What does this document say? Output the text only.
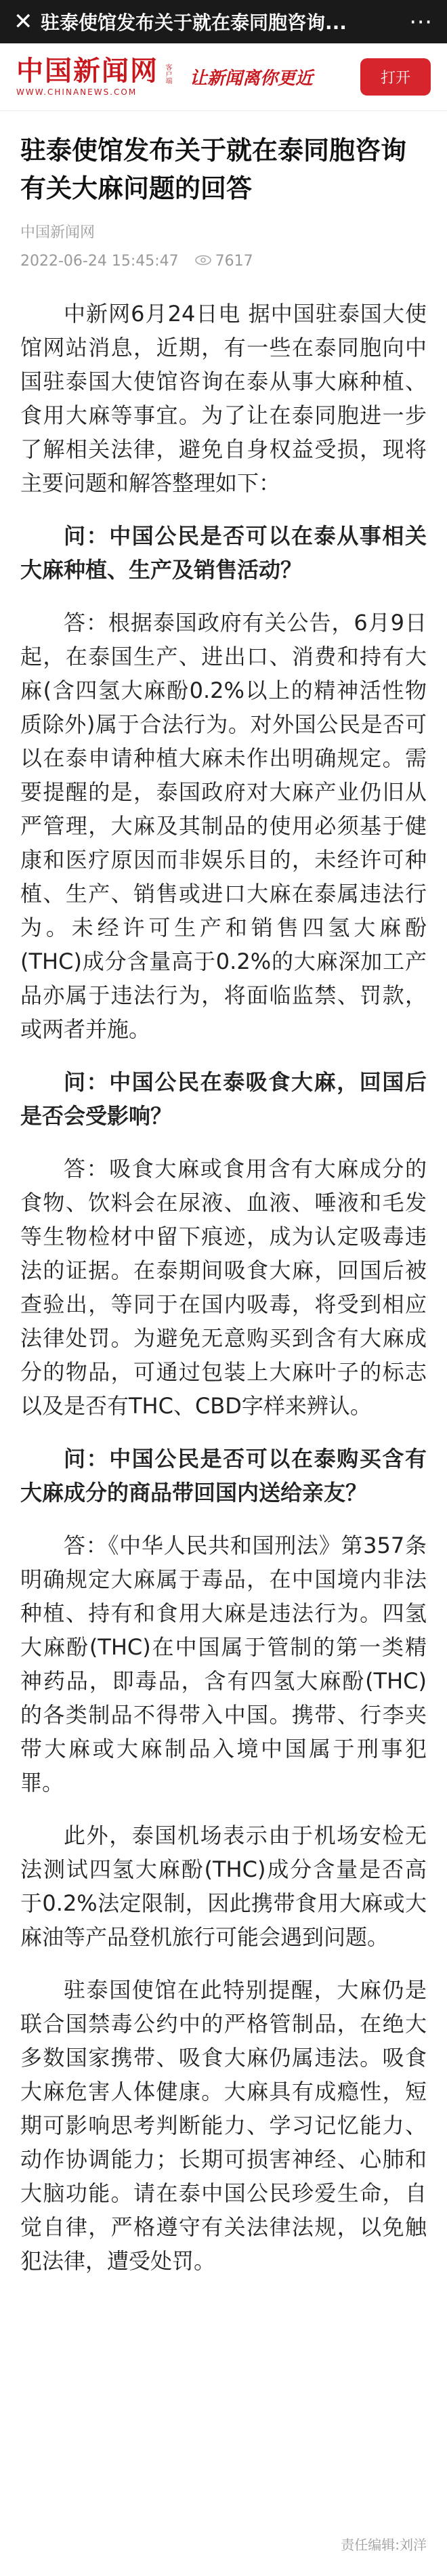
✕ 驻泰使馆发布关于就在泰同胞咨询...	⋯
中国新闻网
WWW.CHINANEWS.COM
客户端 让新闻离你更近	打开
驻泰使馆发布关于就在泰同胞咨询有关大麻问题的回答
中国新闻网
2022-06-24 15:45:47 7617

中新网6月24日电 据中国驻泰国大使馆网站消息，近期，有一些在泰同胞向中国驻泰国大使馆咨询在泰从事大麻种植、食用大麻等事宜。为了让在泰同胞进一步了解相关法律，避免自身权益受损，现将主要问题和解答整理如下：

问：中国公民是否可以在泰从事相关大麻种植、生产及销售活动？

答：根据泰国政府有关公告，6月9日起，在泰国生产、进出口、消费和持有大麻(含四氢大麻酚0.2%以上的精神活性物质除外)属于合法行为。对外国公民是否可以在泰申请种植大麻未作出明确规定。需要提醒的是，泰国政府对大麻产业仍旧从严管理，大麻及其制品的使用必须基于健康和医疗原因而非娱乐目的，未经许可种植、生产、销售或进口大麻在泰属违法行为。未经许可生产和销售四氢大麻酚(THC)成分含量高于0.2%的大麻深加工产品亦属于违法行为，将面临监禁、罚款，或两者并施。

问：中国公民在泰吸食大麻，回国后是否会受影响？

答：吸食大麻或食用含有大麻成分的食物、饮料会在尿液、血液、唾液和毛发等生物检材中留下痕迹，成为认定吸毒违法的证据。在泰期间吸食大麻，回国后被查验出，等同于在国内吸毒，将受到相应法律处罚。为避免无意购买到含有大麻成分的物品，可通过包装上大麻叶子的标志以及是否有THC、CBD字样来辨认。

问：中国公民是否可以在泰购买含有大麻成分的商品带回国内送给亲友？

答：《中华人民共和国刑法》第357条明确规定大麻属于毒品，在中国境内非法种植、持有和食用大麻是违法行为。四氢大麻酚(THC)在中国属于管制的第一类精神药品，即毒品，含有四氢大麻酚(THC)的各类制品不得带入中国。携带、行李夹带大麻或大麻制品入境中国属于刑事犯罪。

此外，泰国机场表示由于机场安检无法测试四氢大麻酚(THC)成分含量是否高于0.2%法定限制，因此携带食用大麻或大麻油等产品登机旅行可能会遇到问题。

驻泰国使馆在此特别提醒，大麻仍是联合国禁毒公约中的严格管制品，在绝大多数国家携带、吸食大麻仍属违法。吸食大麻危害人体健康。大麻具有成瘾性，短期可影响思考判断能力、学习记忆能力、动作协调能力；长期可损害神经、心肺和大脑功能。请在泰中国公民珍爱生命，自觉自律，严格遵守有关法律法规，以免触犯法律，遭受处罚。

责任编辑:刘洋
